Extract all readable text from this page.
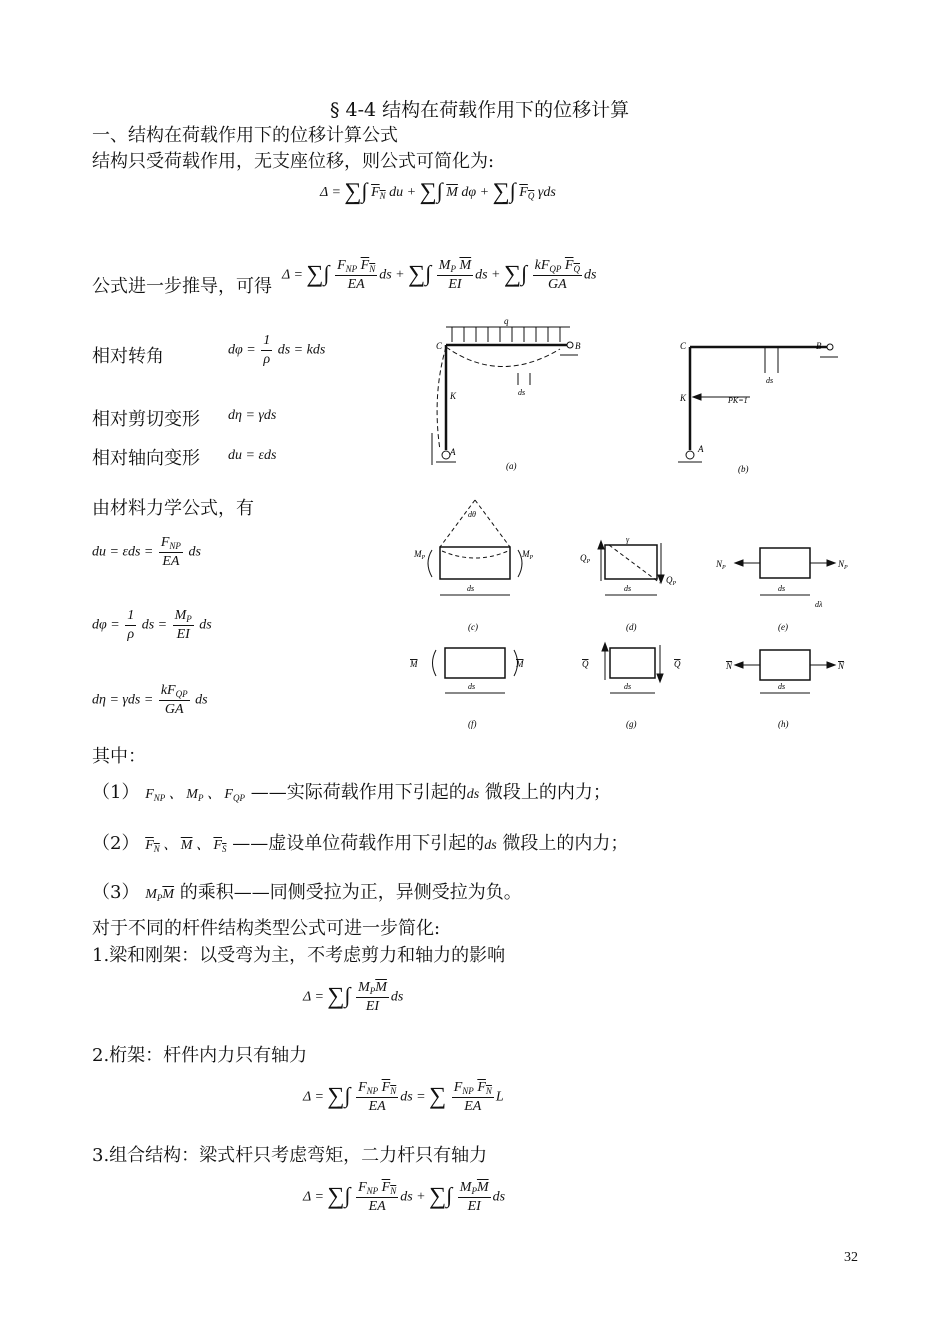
§ 4-4 结构在荷载作用下的位移计算
一、结构在荷载作用下的位移计算公式
结构只受荷载作用，无支座位移，则公式可简化为:
Δ = ∑∫ $F_N$ du + ∑∫ $\overline{M}$ dφ + ∑∫ $F_Q$ γds
公式进一步推导，可得
Δ = ∑∫ $\frac{F_{NP} F_N}{EA}$ ds + ∑∫ $\frac{M_P \overline{M}}{EI}$ ds + ∑∫ $\frac{kF_{QP} F_Q}{GA}$ ds
相对转角	$d\varphi = \frac{1}{\rho}$ ds = kds
相对剪切变形 dη = γds
相对轴向变形 du = εds
q
C	B
K
A
ds
(a)
C	B
K
A
PK=1
ds
(b)
由材料力学公式，有
du = $\varepsilon ds = \frac{F_{NP}}{EA}$ ds
$d\varphi = \frac{1}{\rho}$ ds = $\frac{M_P}{EI}$ ds
$d\eta = \gamma ds = \frac{kF_{QP}}{GA}$ ds
dθ
$M_P$	$M_P$
ds
(c)
$Q_P$
$Q_P$
γ
ds
(d)
$N_P$	$N_P$
ds
dλ
(e)
M	M
ds
(f)
Q	Q
ds
(g)
N	N
ds
(h)
其中：
（1） $F_{NP}$ 、 $M_P$ 、 $F_{QP}$ ——实际荷载作用下引起的ds 微段上的内力；
（2） $F_N$ 、 $\overline{M}$ 、 $F_S$ ——虚设单位荷载作用下引起的ds 微段上的内力；
（3） $M_P\overline{M}$ 的乘积——同侧受拉为正，异侧受拉为负。
对于不同的杆件结构类型公式可进一步简化:
1.梁和刚架：以受弯为主，不考虑剪力和轴力的影响
Δ = ∑∫ $\frac{M_P\overline{M}}{EI}$ ds
2.桁架：杆件内力只有轴力
Δ = ∑∫ $\frac{F_{NP} F_N}{EA}$ ds = ∑ $\frac{F_{NP} F_N}{EA}$ L
3.组合结构：梁式杆只考虑弯矩，二力杆只有轴力
Δ = ∑∫ $\frac{F_{NP} F_N}{EA}$ ds + ∑∫ $\frac{M_P\overline{M}}{EI}$ ds
32
